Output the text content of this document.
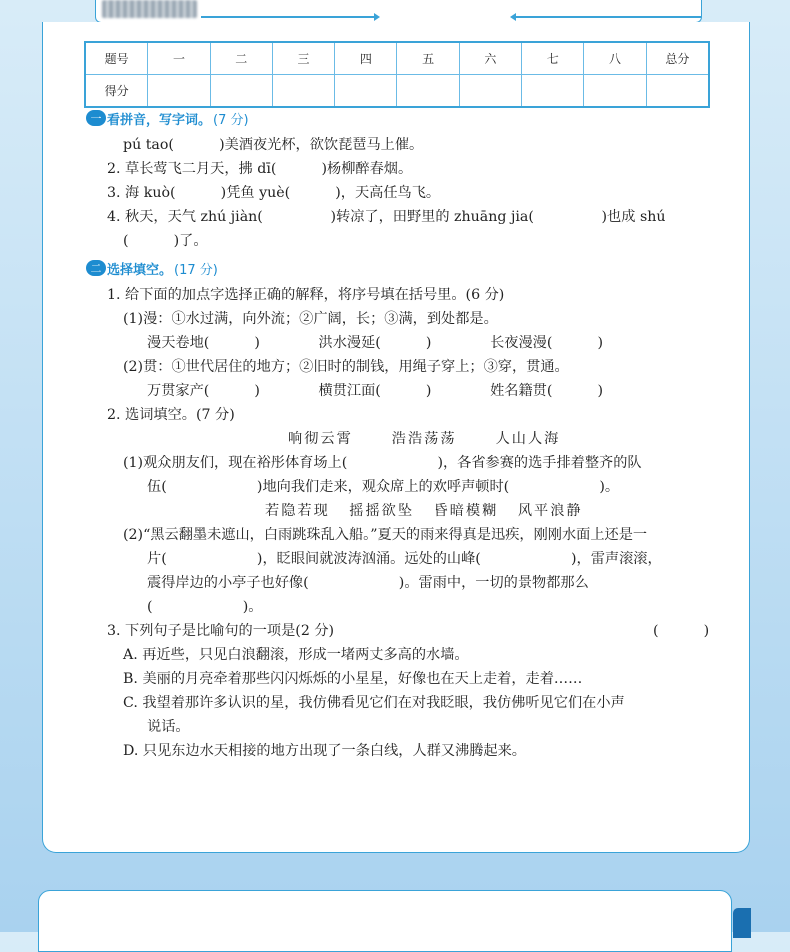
题号	一	二	三	四	五	六	七	八	总分
得分									
一 看拼音，写字词。 (7 分)
pú tao(          )美酒夜光杯，欲饮琵琶马上催。
2. 草长莺飞二月天，拂 dī(          )杨柳醉春烟。
3. 海 kuò(          )凭鱼 yuè(          )，天高任鸟飞。
4. 秋天，天气 zhú jiàn(               )转凉了，田野里的 zhuāng jia(               )也成 shú
(          )了。
二 选择填空。 (17 分)
1. 给下面的加点字选择正确的解释，将序号填在括号里。(6 分)
(1)漫：①水过满，向外流；②广阔，长；③满，到处都是。
漫天卷地(          )             洪水漫延(          )             长夜漫漫(          )
(2)贯：①世代居住的地方；②旧时的制钱，用绳子穿上；③穿，贯通。
万贯家产(          )             横贯江面(          )             姓名籍贯(          )
2. 选词填空。(7 分)
响彻云霄      浩浩荡荡      人山人海
(1)观众朋友们，现在裕彤体育场上(                    )，各省参赛的选手排着整齐的队
伍(                    )地向我们走来，观众席上的欢呼声顿时(                    )。
若隐若现   摇摇欲坠   昏暗模糊   风平浪静
(2)“黑云翻墨未遮山，白雨跳珠乱入船。”夏天的雨来得真是迅疾，刚刚水面上还是一
片(                    )，眨眼间就波涛汹涌。远处的山峰(                    )，雷声滚滚，
震得岸边的小亭子也好像(                    )。雷雨中，一切的景物都那么
(                    )。
3. 下列句子是比喻句的一项是(2 分)	(          )
A. 再近些，只见白浪翻滚，形成一堵两丈多高的水墙。
B. 美丽的月亮牵着那些闪闪烁烁的小星星，好像也在天上走着，走着……
C. 我望着那许多认识的星，我仿佛看见它们在对我眨眼，我仿佛听见它们在小声
说话。
D. 只见东边水天相接的地方出现了一条白线，人群又沸腾起来。
